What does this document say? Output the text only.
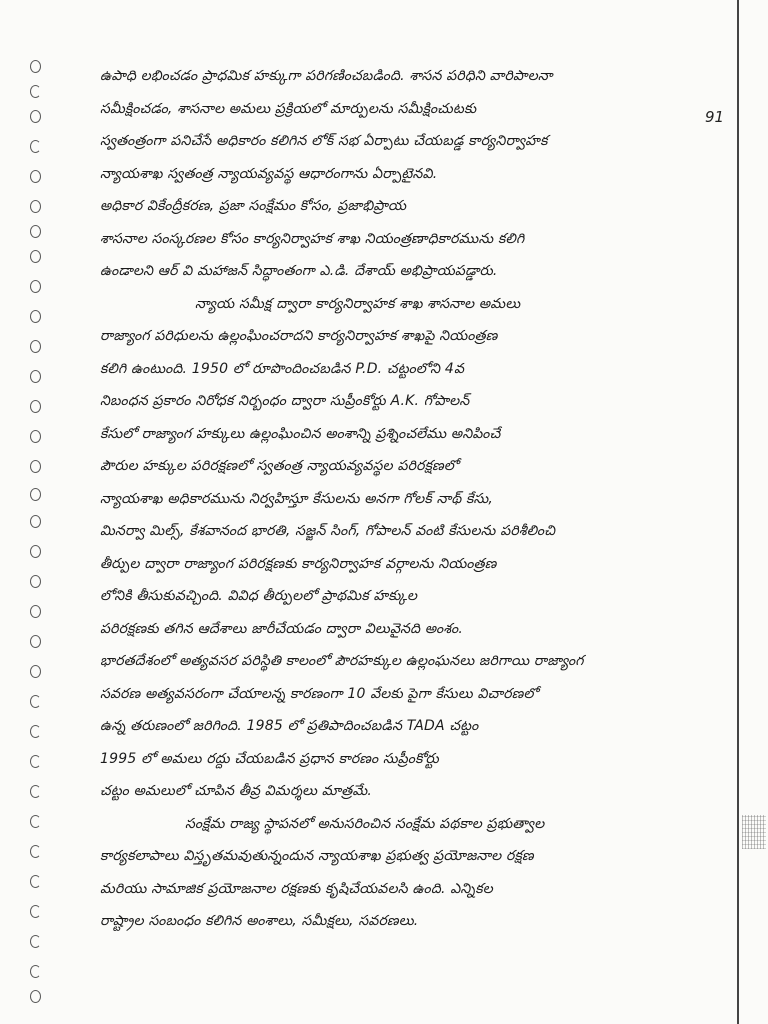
91
ఉపాధి లభించడం ప్రాధమిక హక్కుగా పరిగణించబడింది. శాసన పరిధిని వారిపాలనా
సమీక్షించడం, శాసనాల అమలు ప్రక్రియలో మార్పులను సమీక్షించుటకు
స్వతంత్రంగా పనిచేసే అధికారం కలిగిన లోక్ సభ ఏర్పాటు చేయబడ్డ కార్యనిర్వాహక
న్యాయశాఖ స్వతంత్ర న్యాయవ్యవస్థ ఆధారంగాను ఏర్పాటైనవి.
అధికార వికేంద్రీకరణ, ప్రజా సంక్షేమం కోసం, ప్రజాభిప్రాయ
శాసనాల సంస్కరణల కోసం కార్యనిర్వాహక శాఖ నియంత్రణాధికారమును కలిగి
ఉండాలని ఆర్ వి మహాజన్ సిద్ధాంతంగా ఎ.డి. దేశాయ్ అభిప్రాయపడ్డారు.
న్యాయ సమీక్ష ద్వారా కార్యనిర్వాహక శాఖ శాసనాల అమలు
రాజ్యాంగ పరిధులను ఉల్లంఘించరాదని కార్యనిర్వాహక శాఖపై నియంత్రణ
కలిగి ఉంటుంది. 1950 లో రూపొందించబడిన P.D. చట్టంలోని 4వ
నిబంధన ప్రకారం నిరోధక నిర్బంధం ద్వారా సుప్రీంకోర్టు A.K. గోపాలన్
కేసులో రాజ్యాంగ హక్కులు ఉల్లంఘించిన అంశాన్ని ప్రశ్నించలేము అనిపించే
పౌరుల హక్కుల పరిరక్షణలో స్వతంత్ర న్యాయవ్యవస్థల పరిరక్షణలో
న్యాయశాఖ అధికారమును నిర్వహిస్తూ కేసులను అనగా గోలక్ నాథ్ కేసు,
మినర్వా మిల్స్, కేశవానంద భారతి, సజ్జన్ సింగ్, గోపాలన్ వంటి కేసులను పరిశీలించి
తీర్పుల ద్వారా రాజ్యాంగ పరిరక్షణకు కార్యనిర్వాహక వర్గాలను నియంత్రణ
లోనికి తీసుకువచ్చింది. వివిధ తీర్పులలో ప్రాథమిక హక్కుల
పరిరక్షణకు తగిన ఆదేశాలు జారీచేయడం ద్వారా విలువైనది అంశం.
భారతదేశంలో అత్యవసర పరిస్థితి కాలంలో పౌరహక్కుల ఉల్లంఘనలు జరిగాయి రాజ్యాంగ
సవరణ అత్యవసరంగా చేయాలన్న కారణంగా 10 వేలకు పైగా కేసులు విచారణలో
ఉన్న తరుణంలో జరిగింది. 1985 లో ప్రతిపాదించబడిన TADA చట్టం
1995 లో అమలు రద్దు చేయబడిన ప్రధాన కారణం సుప్రీంకోర్టు
చట్టం అమలులో చూపిన తీవ్ర విమర్శలు మాత్రమే.
సంక్షేమ రాజ్య స్థాపనలో అనుసరించిన సంక్షేమ పథకాల ప్రభుత్వాల
కార్యకలాపాలు విస్తృతమవుతున్నందున న్యాయశాఖ ప్రభుత్వ ప్రయోజనాల రక్షణ
మరియు సామాజిక ప్రయోజనాల రక్షణకు కృషిచేయవలసి ఉంది. ఎన్నికల
రాష్ట్రాల సంబంధం కలిగిన అంశాలు, సమీక్షలు, సవరణలు.
